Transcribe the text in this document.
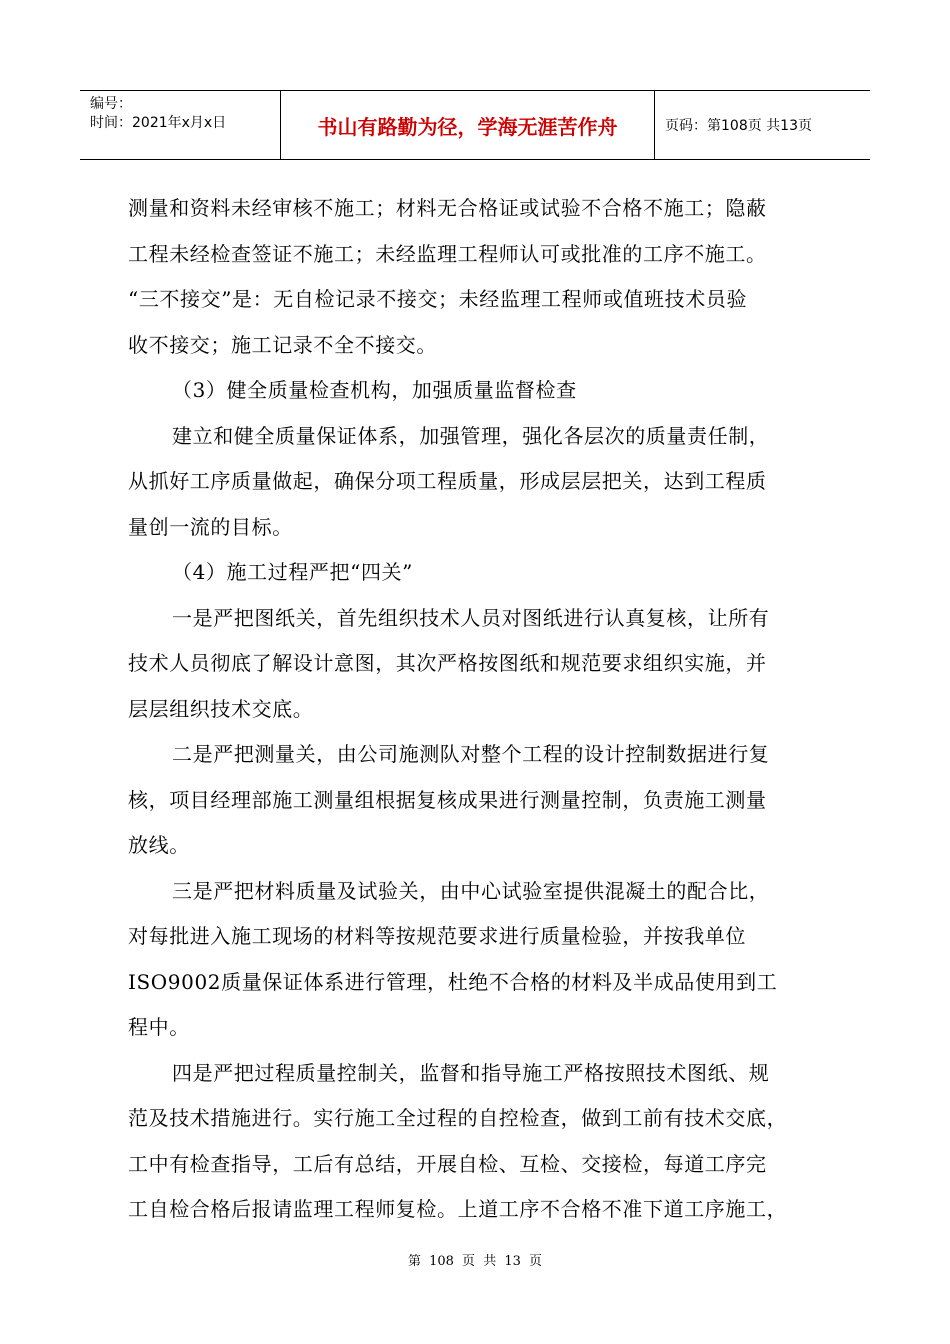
编号：
时间：2021年x月x日	书山有路勤为径，学海无涯苦作舟	页码：第108页 共13页

测量和资料未经审核不施工；材料无合格证或试验不合格不施工；隐蔽
工程未经检查签证不施工；未经监理工程师认可或批准的工序不施工。
“三不接交”是：无自检记录不接交；未经监理工程师或值班技术员验
收不接交；施工记录不全不接交。

（3）健全质量检查机构，加强质量监督检查

建立和健全质量保证体系，加强管理，强化各层次的质量责任制，
从抓好工序质量做起，确保分项工程质量，形成层层把关，达到工程质
量创一流的目标。

（4）施工过程严把“四关”

一是严把图纸关，首先组织技术人员对图纸进行认真复核，让所有
技术人员彻底了解设计意图，其次严格按图纸和规范要求组织实施，并
层层组织技术交底。

二是严把测量关，由公司施测队对整个工程的设计控制数据进行复
核，项目经理部施工测量组根据复核成果进行测量控制，负责施工测量
放线。

三是严把材料质量及试验关，由中心试验室提供混凝土的配合比，
对每批进入施工现场的材料等按规范要求进行质量检验，并按我单位
ISO9002质量保证体系进行管理，杜绝不合格的材料及半成品使用到工
程中。

四是严把过程质量控制关，监督和指导施工严格按照技术图纸、规
范及技术措施进行。实行施工全过程的自控检查，做到工前有技术交底，
工中有检查指导，工后有总结，开展自检、互检、交接检，每道工序完
工自检合格后报请监理工程师复检。上道工序不合格不准下道工序施工，

第 108 页 共 13 页
